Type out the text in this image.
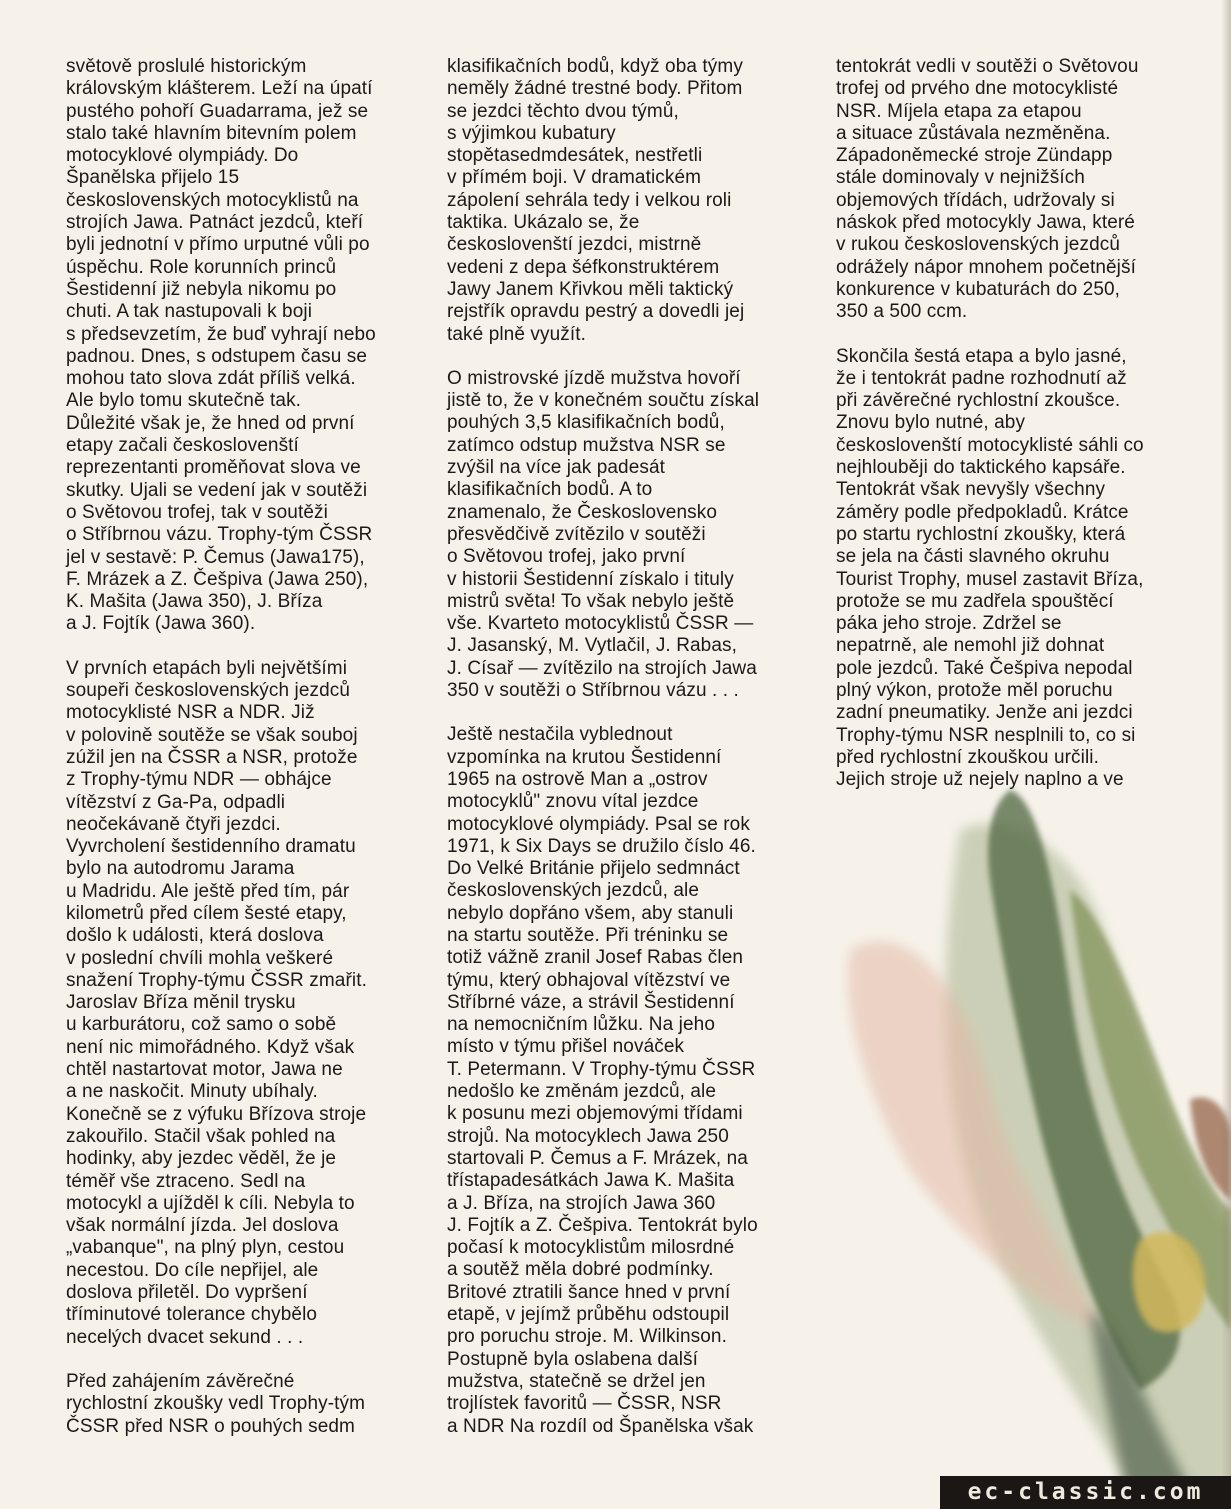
světově proslulé historickým
královským klášterem. Leží na úpatí
pustého pohoří Guadarrama, jež se
stalo také hlavním bitevním polem
motocyklové olympiády. Do
Španělska přijelo 15
československých motocyklistů na
strojích Jawa. Patnáct jezdců, kteří
byli jednotní v přímo urputné vůli po
úspěchu. Role korunních princů
Šestidenní již nebyla nikomu po
chuti. A tak nastupovali k boji
s předsevzetím, že buď vyhrají nebo
padnou. Dnes, s odstupem času se
mohou tato slova zdát příliš velká.
Ale bylo tomu skutečně tak.
Důležité však je, že hned od první
etapy začali českoslovenští
reprezentanti proměňovat slova ve
skutky. Ujali se vedení jak v soutěži
o Světovou trofej, tak v soutěži
o Stříbrnou vázu. Trophy-tým ČSSR
jel v sestavě: P. Čemus (Jawa175),
F. Mrázek a Z. Češpiva (Jawa 250),
K. Mašita (Jawa 350), J. Bříza
a J. Fojtík (Jawa 360).
V prvních etapách byli největšími
soupeři československých jezdců
motocyklisté NSR a NDR. Již
v polovině soutěže se však souboj
zúžil jen na ČSSR a NSR, protože
z Trophy-týmu NDR — obhájce
vítězství z Ga-Pa, odpadli
neočekávaně čtyři jezdci.
Vyvrcholení šestidenního dramatu
bylo na autodromu Jarama
u Madridu. Ale ještě před tím, pár
kilometrů před cílem šesté etapy,
došlo k události, která doslova
v poslední chvíli mohla veškeré
snažení Trophy-týmu ČSSR zmařit.
Jaroslav Bříza měnil trysku
u karburátoru, což samo o sobě
není nic mimořádného. Když však
chtěl nastartovat motor, Jawa ne
a ne naskočit. Minuty ubíhaly.
Konečně se z výfuku Břízova stroje
zakouřilo. Stačil však pohled na
hodinky, aby jezdec věděl, že je
téměř vše ztraceno. Sedl na
motocykl a ujížděl k cíli. Nebyla to
však normální jízda. Jel doslova
„vabanque", na plný plyn, cestou
necestou. Do cíle nepřijel, ale
doslova přiletěl. Do vypršení
tříminutové tolerance chybělo
necelých dvacet sekund . . .
Před zahájením závěrečné
rychlostní zkoušky vedl Trophy-tým
ČSSR před NSR o pouhých sedm
klasifikačních bodů, když oba týmy
neměly žádné trestné body. Přitom
se jezdci těchto dvou týmů,
s výjimkou kubatury
stopětasedmdesátek, nestřetli
v přímém boji. V dramatickém
zápolení sehrála tedy i velkou roli
taktika. Ukázalo se, že
českoslovenští jezdci, mistrně
vedeni z depa šéfkonstruktérem
Jawy Janem Křivkou měli taktický
rejstřík opravdu pestrý a dovedli jej
také plně využít.
O mistrovské jízdě mužstva hovoří
jistě to, že v konečném součtu získal
pouhých 3,5 klasifikačních bodů,
zatímco odstup mužstva NSR se
zvýšil na více jak padesát
klasifikačních bodů. A to
znamenalo, že Československo
přesvědčivě zvítězilo v soutěži
o Světovou trofej, jako první
v historii Šestidenní získalo i tituly
mistrů světa! To však nebylo ještě
vše. Kvarteto motocyklistů ČSSR —
J. Jasanský, M. Vytlačil, J. Rabas,
J. Císař — zvítězilo na strojích Jawa
350 v soutěži o Stříbrnou vázu . . .
Ještě nestačila vyblednout
vzpomínka na krutou Šestidenní
1965 na ostrově Man a „ostrov
motocyklů" znovu vítal jezdce
motocyklové olympiády. Psal se rok
1971, k Six Days se družilo číslo 46.
Do Velké Británie přijelo sedmnáct
československých jezdců, ale
nebylo dopřáno všem, aby stanuli
na startu soutěže. Při tréninku se
totiž vážně zranil Josef Rabas člen
týmu, který obhajoval vítězství ve
Stříbrné váze, a strávil Šestidenní
na nemocničním lůžku. Na jeho
místo v týmu přišel nováček
T. Petermann. V Trophy-týmu ČSSR
nedošlo ke změnám jezdců, ale
k posunu mezi objemovými třídami
strojů. Na motocyklech Jawa 250
startovali P. Čemus a F. Mrázek, na
třístapadesátkách Jawa K. Mašita
a J. Bříza, na strojích Jawa 360
J. Fojtík a Z. Češpiva. Tentokrát bylo
počasí k motocyklistům milosrdné
a soutěž měla dobré podmínky.
Britové ztratili šance hned v první
etapě, v jejímž průběhu odstoupil
pro poruchu stroje. M. Wilkinson.
Postupně byla oslabena další
mužstva, statečně se držel jen
trojlístek favoritů — ČSSR, NSR
a NDR Na rozdíl od Španělska však
tentokrát vedli v soutěži o Světovou
trofej od prvého dne motocyklisté
NSR. Míjela etapa za etapou
a situace zůstávala nezměněna.
Západoněmecké stroje Zündapp
stále dominovaly v nejnižších
objemových třídách, udržovaly si
náskok před motocykly Jawa, které
v rukou československých jezdců
odrážely nápor mnohem početnější
konkurence v kubaturách do 250,
350 a 500 ccm.
Skončila šestá etapa a bylo jasné,
že i tentokrát padne rozhodnutí až
při závěrečné rychlostní zkoušce.
Znovu bylo nutné, aby
českoslovenští motocyklisté sáhli co
nejhlouběji do taktického kapsáře.
Tentokrát však nevyšly všechny
záměry podle předpokladů. Krátce
po startu rychlostní zkoušky, která
se jela na části slavného okruhu
Tourist Trophy, musel zastavit Bříza,
protože se mu zadřela spouštěcí
páka jeho stroje. Zdržel se
nepatrně, ale nemohl již dohnat
pole jezdců. Také Češpiva nepodal
plný výkon, protože měl poruchu
zadní pneumatiky. Jenže ani jezdci
Trophy-týmu NSR nesplnili to, co si
před rychlostní zkouškou určili.
Jejich stroje už nejely naplno a ve
ec-classic.com
